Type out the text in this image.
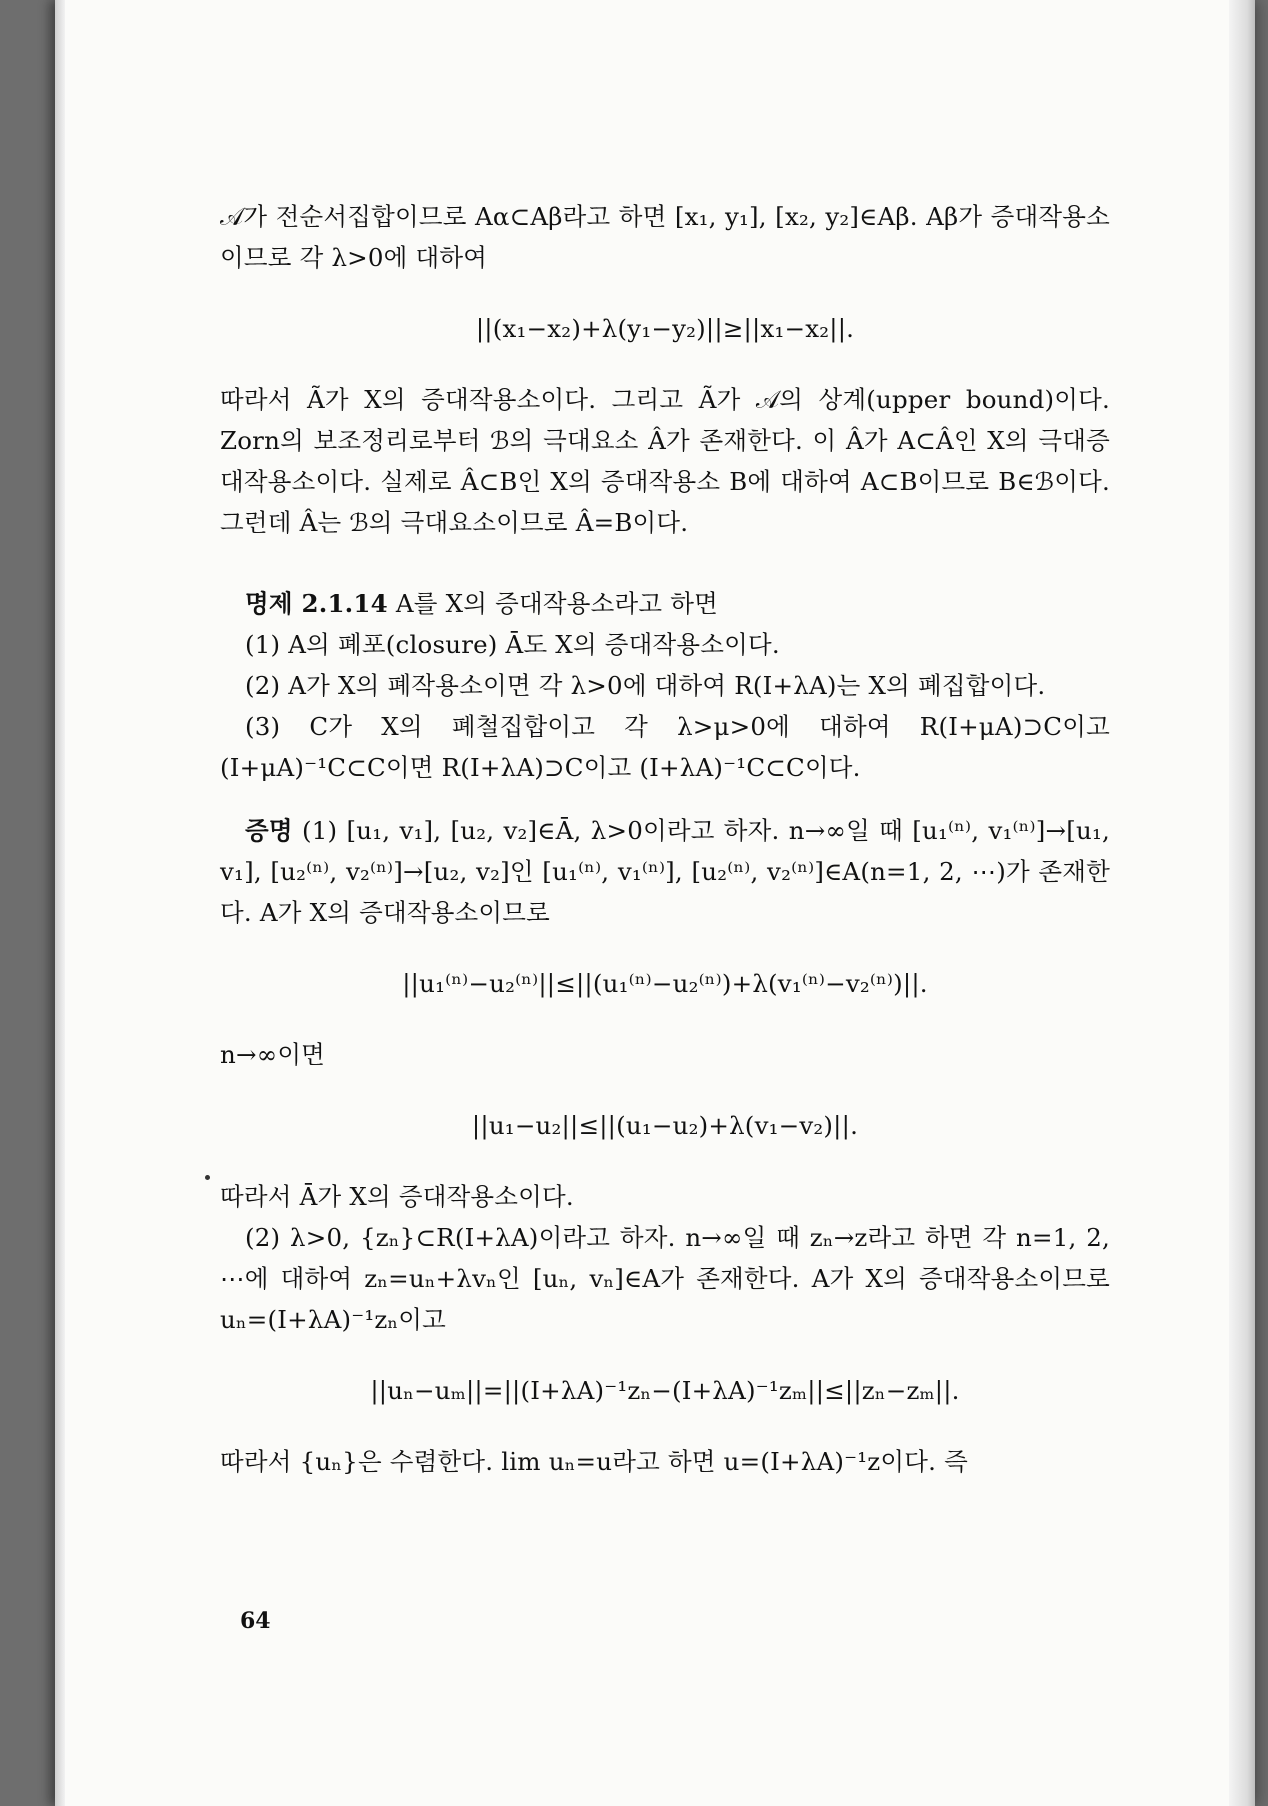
𝒜가 전순서집합이므로 Aα⊂Aβ라고 하면 [x₁, y₁], [x₂, y₂]∈Aβ. Aβ가 증대작용소이므로 각 λ>0에 대하여

||(x₁−x₂)+λ(y₁−y₂)||≥||x₁−x₂||.

따라서 Ã가 X의 증대작용소이다. 그리고 Ã가 𝒜의 상계(upper bound)이다. Zorn의 보조정리로부터 ℬ의 극대요소 Â가 존재한다. 이 Â가 A⊂Â인 X의 극대증대작용소이다. 실제로 Â⊂B인 X의 증대작용소 B에 대하여 A⊂B이므로 B∈ℬ이다. 그런데 Â는 ℬ의 극대요소이므로 Â=B이다.

명제 2.1.14 A를 X의 증대작용소라고 하면

(1) A의 폐포(closure) Ā도 X의 증대작용소이다.

(2) A가 X의 폐작용소이면 각 λ>0에 대하여 R(I+λA)는 X의 폐집합이다.

(3) C가 X의 폐철집합이고 각 λ>μ>0에 대하여 R(I+μA)⊃C이고 (I+μA)⁻¹C⊂C이면 R(I+λA)⊃C이고 (I+λA)⁻¹C⊂C이다.

증명 (1) [u₁, v₁], [u₂, v₂]∈Ā, λ>0이라고 하자. n→∞일 때 [u₁⁽ⁿ⁾, v₁⁽ⁿ⁾]→[u₁, v₁], [u₂⁽ⁿ⁾, v₂⁽ⁿ⁾]→[u₂, v₂]인 [u₁⁽ⁿ⁾, v₁⁽ⁿ⁾], [u₂⁽ⁿ⁾, v₂⁽ⁿ⁾]∈A(n=1, 2, ⋯)가 존재한다. A가 X의 증대작용소이므로

||u₁⁽ⁿ⁾−u₂⁽ⁿ⁾||≤||(u₁⁽ⁿ⁾−u₂⁽ⁿ⁾)+λ(v₁⁽ⁿ⁾−v₂⁽ⁿ⁾)||.

n→∞이면

||u₁−u₂||≤||(u₁−u₂)+λ(v₁−v₂)||.

따라서 Ā가 X의 증대작용소이다.

(2) λ>0, {zₙ}⊂R(I+λA)이라고 하자. n→∞일 때 zₙ→z라고 하면 각 n=1, 2, ⋯에 대하여 zₙ=uₙ+λvₙ인 [uₙ, vₙ]∈A가 존재한다. A가 X의 증대작용소이므로 uₙ=(I+λA)⁻¹zₙ이고

||uₙ−uₘ||=||(I+λA)⁻¹zₙ−(I+λA)⁻¹zₘ||≤||zₙ−zₘ||.

따라서 {uₙ}은 수렴한다. lim uₙ=u라고 하면 u=(I+λA)⁻¹z이다. 즉

64
